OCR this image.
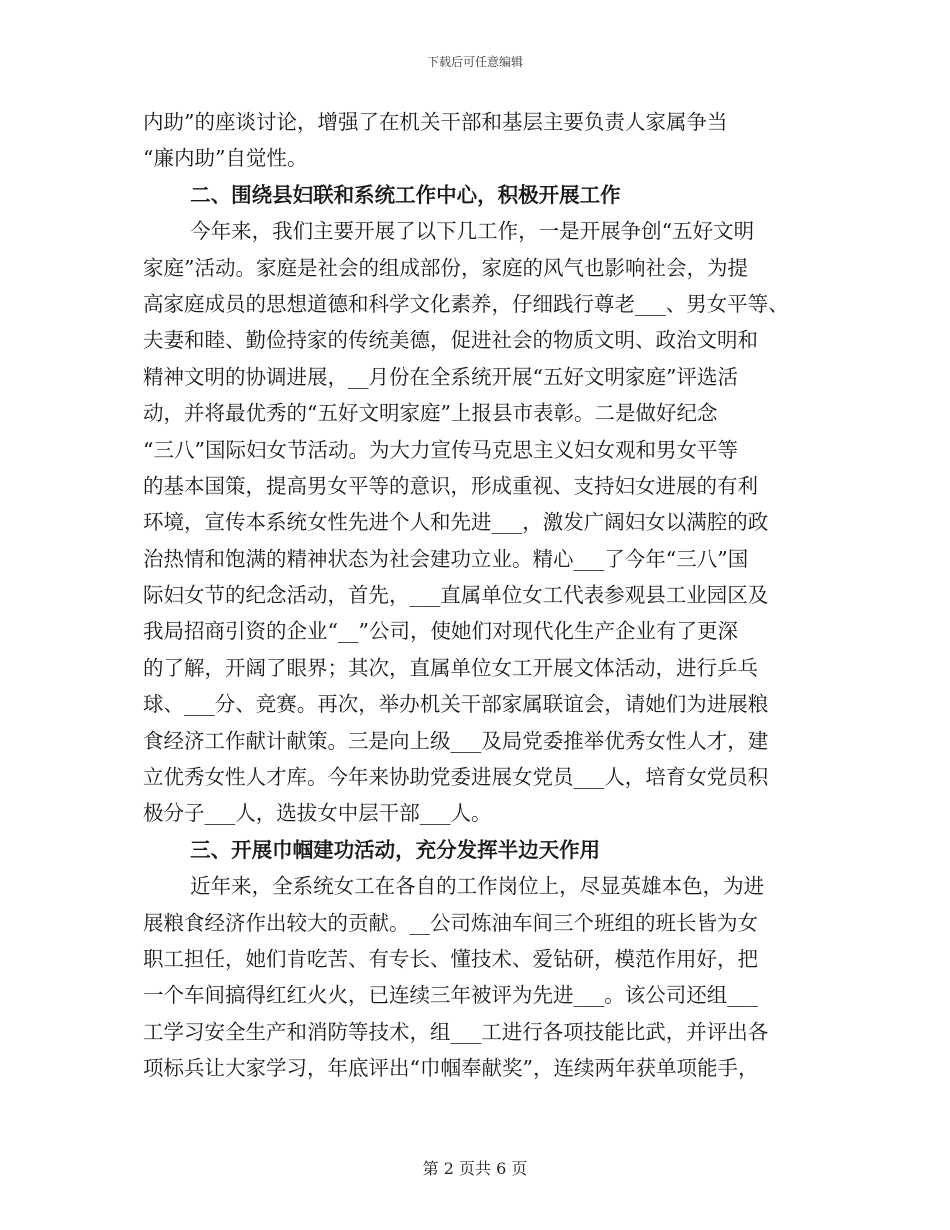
下载后可任意编辑
内助”的座谈讨论，增强了在机关干部和基层主要负责人家属争当
“廉内助”自觉性。
二、围绕县妇联和系统工作中心，积极开展工作
今年来，我们主要开展了以下几工作，一是开展争创“五好文明
家庭”活动。家庭是社会的组成部份，家庭的风气也影响社会，为提
高家庭成员的思想道德和科学文化素养，仔细践行尊老___、男女平等、
夫妻和睦、勤俭持家的传统美德，促进社会的物质文明、政治文明和
精神文明的协调进展，__月份在全系统开展“五好文明家庭”评选活
动，并将最优秀的“五好文明家庭”上报县市表彰。二是做好纪念
“三八”国际妇女节活动。为大力宣传马克思主义妇女观和男女平等
的基本国策，提高男女平等的意识，形成重视、支持妇女进展的有利
环境，宣传本系统女性先进个人和先进___，激发广阔妇女以满腔的政
治热情和饱满的精神状态为社会建功立业。精心___了今年“三八”国
际妇女节的纪念活动，首先，___直属单位女工代表参观县工业园区及
我局招商引资的企业“__”公司，使她们对现代化生产企业有了更深
的了解，开阔了眼界；其次，直属单位女工开展文体活动，进行乒乓
球、___分、竞赛。再次，举办机关干部家属联谊会，请她们为进展粮
食经济工作献计献策。三是向上级___及局党委推举优秀女性人才，建
立优秀女性人才库。今年来协助党委进展女党员___人，培育女党员积
极分子___人，选拔女中层干部___人。
三、开展巾帼建功活动，充分发挥半边天作用
近年来，全系统女工在各自的工作岗位上，尽显英雄本色，为进
展粮食经济作出较大的贡献。__公司炼油车间三个班组的班长皆为女
职工担任，她们肯吃苦、有专长、懂技术、爱钻研，模范作用好，把
一个车间搞得红红火火，已连续三年被评为先进___。该公司还组___
工学习安全生产和消防等技术，组___工进行各项技能比武，并评出各
项标兵让大家学习，年底评出“巾帼奉献奖”，连续两年获单项能手，
第 2 页共 6 页
